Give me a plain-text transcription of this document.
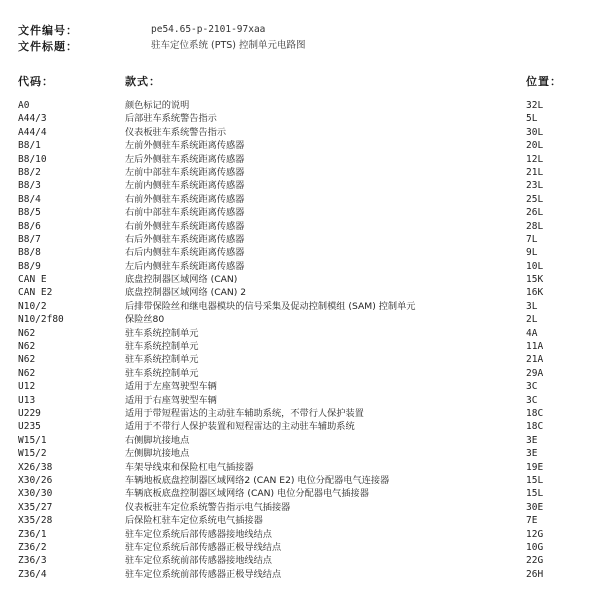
文件编号：	pe54.65-p-2101-97xaa
文件标题：	驻车定位系统 (PTS) 控制单元电路图
代码：	款式：	位置：
A0	颜色标记的说明	32L
A44/3	后部驻车系统警告指示	5L
A44/4	仪表板驻车系统警告指示	30L
B8/1	左前外侧驻车系统距离传感器	20L
B8/10	左后外侧驻车系统距离传感器	12L
B8/2	左前中部驻车系统距离传感器	21L
B8/3	左前内侧驻车系统距离传感器	23L
B8/4	右前外侧驻车系统距离传感器	25L
B8/5	右前中部驻车系统距离传感器	26L
B8/6	右前外侧驻车系统距离传感器	28L
B8/7	右后外侧驻车系统距离传感器	7L
B8/8	右后内侧驻车系统距离传感器	9L
B8/9	左后内侧驻车系统距离传感器	10L
CAN E	底盘控制器区域网络 (CAN)	15K
CAN E2	底盘控制器区域网络 (CAN) 2	16K
N10/2	后排带保险丝和继电器模块的信号采集及促动控制模组 (SAM) 控制单元	3L
N10/2f80	保险丝80	2L
N62	驻车系统控制单元	4A
N62	驻车系统控制单元	11A
N62	驻车系统控制单元	21A
N62	驻车系统控制单元	29A
U12	适用于左座驾驶型车辆	3C
U13	适用于右座驾驶型车辆	3C
U229	适用于带短程雷达的主动驻车辅助系统，不带行人保护装置	18C
U235	适用于不带行人保护装置和短程雷达的主动驻车辅助系统	18C
W15/1	右侧脚坑接地点	3E
W15/2	左侧脚坑接地点	3E
X26/38	车架导线束和保险杠电气插接器	19E
X30/26	车辆地板底盘控制器区域网络2 (CAN E2) 电位分配器电气连接器	15L
X30/30	车辆底板底盘控制器区域网络 (CAN) 电位分配器电气插接器	15L
X35/27	仪表板驻车定位系统警告指示电气插接器	30E
X35/28	后保险杠驻车定位系统电气插接器	7E
Z36/1	驻车定位系统后部传感器接地线结点	12G
Z36/2	驻车定位系统后部传感器正极导线结点	10G
Z36/3	驻车定位系统前部传感器接地线结点	22G
Z36/4	驻车定位系统前部传感器正极导线结点	26H
